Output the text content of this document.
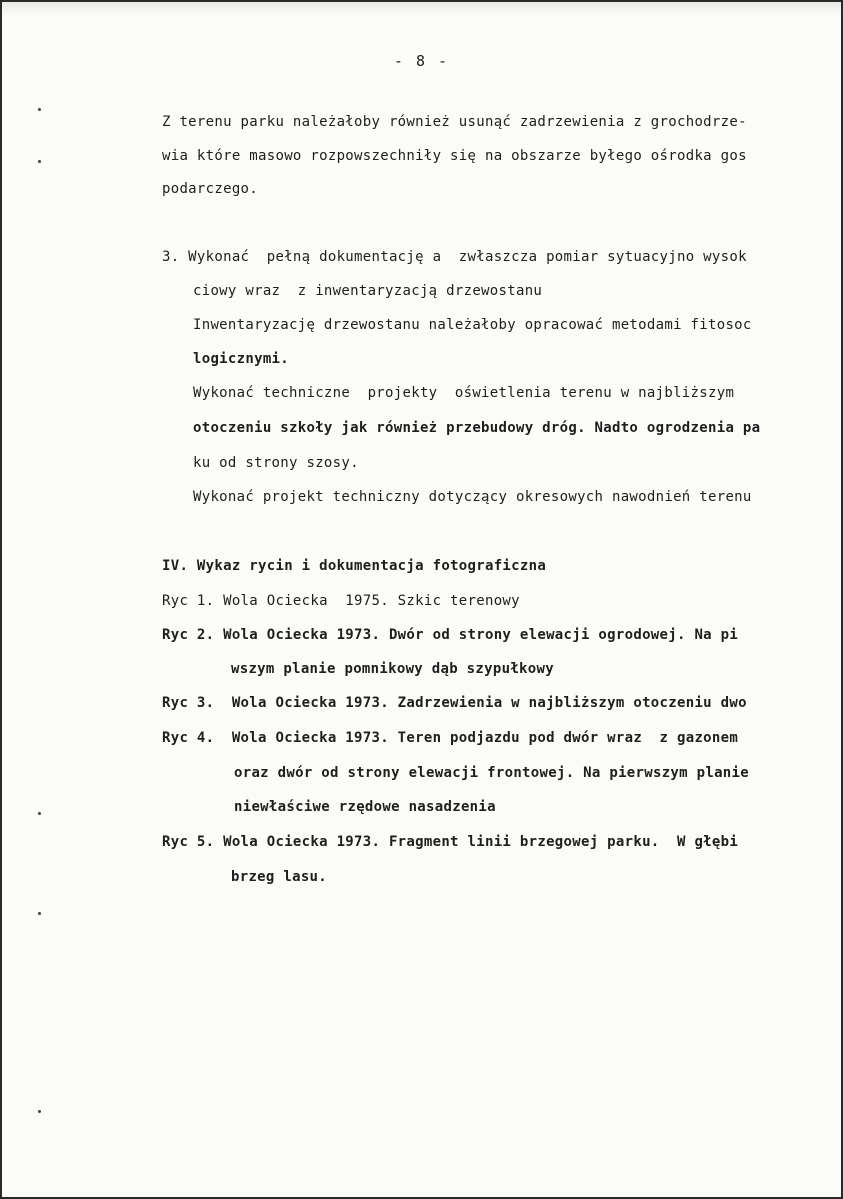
- 8 -
Z terenu parku należałoby również usunąć zadrzewienia z grochodrze-
wia które masowo rozpowszechniły się na obszarze byłego ośrodka gos
podarczego.
3. Wykonać  pełną dokumentację a  zwłaszcza pomiar sytuacyjno wysok
ciowy wraz  z inwentaryzacją drzewostanu
Inwentaryzację drzewostanu należałoby opracować metodami fitosoc
logicznymi.
Wykonać techniczne  projekty  oświetlenia terenu w najbliższym
otoczeniu szkoły jak również przebudowy dróg. Nadto ogrodzenia pa
ku od strony szosy.
Wykonać projekt techniczny dotyczący okresowych nawodnień terenu
IV. Wykaz rycin i dokumentacja fotograficzna
Ryc 1. Wola Ociecka  1975. Szkic terenowy
Ryc 2. Wola Ociecka 1973. Dwór od strony elewacji ogrodowej. Na pi
wszym planie pomnikowy dąb szypułkowy
Ryc 3.  Wola Ociecka 1973. Zadrzewienia w najbliższym otoczeniu dwo
Ryc 4.  Wola Ociecka 1973. Teren podjazdu pod dwór wraz  z gazonem
oraz dwór od strony elewacji frontowej. Na pierwszym planie
niewłaściwe rzędowe nasadzenia
Ryc 5. Wola Ociecka 1973. Fragment linii brzegowej parku.  W głębi
brzeg lasu.
